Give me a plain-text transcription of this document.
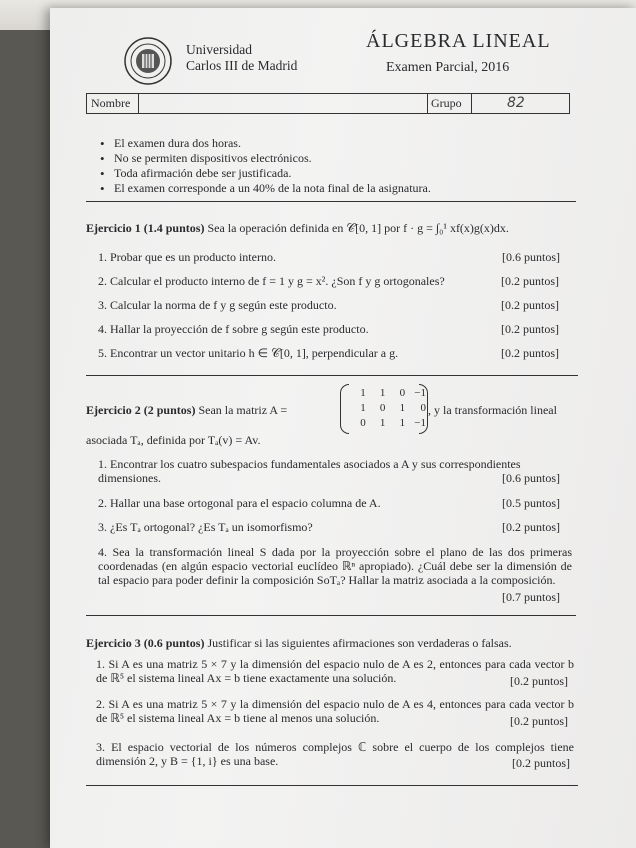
Universidad
Carlos III de Madrid
ÁLGEBRA LINEAL
Examen Parcial, 2016
Nombre	Grupo	82
• El examen dura dos horas.
• No se permiten dispositivos electrónicos.
• Toda afirmación debe ser justificada.
• El examen corresponde a un 40% de la nota final de la asignatura.
Ejercicio 1 (1.4 puntos) Sea la operación definida en 𝒞[0, 1] por f · g = ∫₀¹ xf(x)g(x)dx.
1. Probar que es un producto interno.	[0.6 puntos]
2. Calcular el producto interno de f = 1 y g = x². ¿Son f y g ortogonales?	[0.2 puntos]
3. Calcular la norma de f y g según este producto.	[0.2 puntos]
4. Hallar la proyección de f sobre g según este producto.	[0.2 puntos]
5. Encontrar un vector unitario h ∈ 𝒞[0, 1], perpendicular a g.	[0.2 puntos]
Ejercicio 2 (2 puntos) Sean la matriz A =
1	1	0	−1
1	0	1	0
0	1	1	−1
, y la transformación lineal
asociada Tₐ, definida por Tₐ(v) = Av.
1. Encontrar los cuatro subespacios fundamentales asociados a A y sus correspondientes dimensiones.	[0.6 puntos]
2. Hallar una base ortogonal para el espacio columna de A.	[0.5 puntos]
3. ¿Es Tₐ ortogonal? ¿Es Tₐ un isomorfismo?	[0.2 puntos]
4. Sea la transformación lineal S dada por la proyección sobre el plano de las dos primeras coordenadas (en algún espacio vectorial euclídeo ℝⁿ apropiado). ¿Cuál debe ser la dimensión de tal espacio para poder definir la composición SoTₐ? Hallar la matriz asociada a la composición.
[0.7 puntos]
Ejercicio 3 (0.6 puntos) Justificar si las siguientes afirmaciones son verdaderas o falsas.
1. Si A es una matriz 5 × 7 y la dimensión del espacio nulo de A es 2, entonces para cada vector b de ℝ⁵ el sistema lineal Ax = b tiene exactamente una solución.	[0.2 puntos]
2. Si A es una matriz 5 × 7 y la dimensión del espacio nulo de A es 4, entonces para cada vector b de ℝ⁵ el sistema lineal Ax = b tiene al menos una solución.	[0.2 puntos]
3. El espacio vectorial de los números complejos ℂ sobre el cuerpo de los complejos tiene dimensión 2, y B = {1, i} es una base.	[0.2 puntos]
